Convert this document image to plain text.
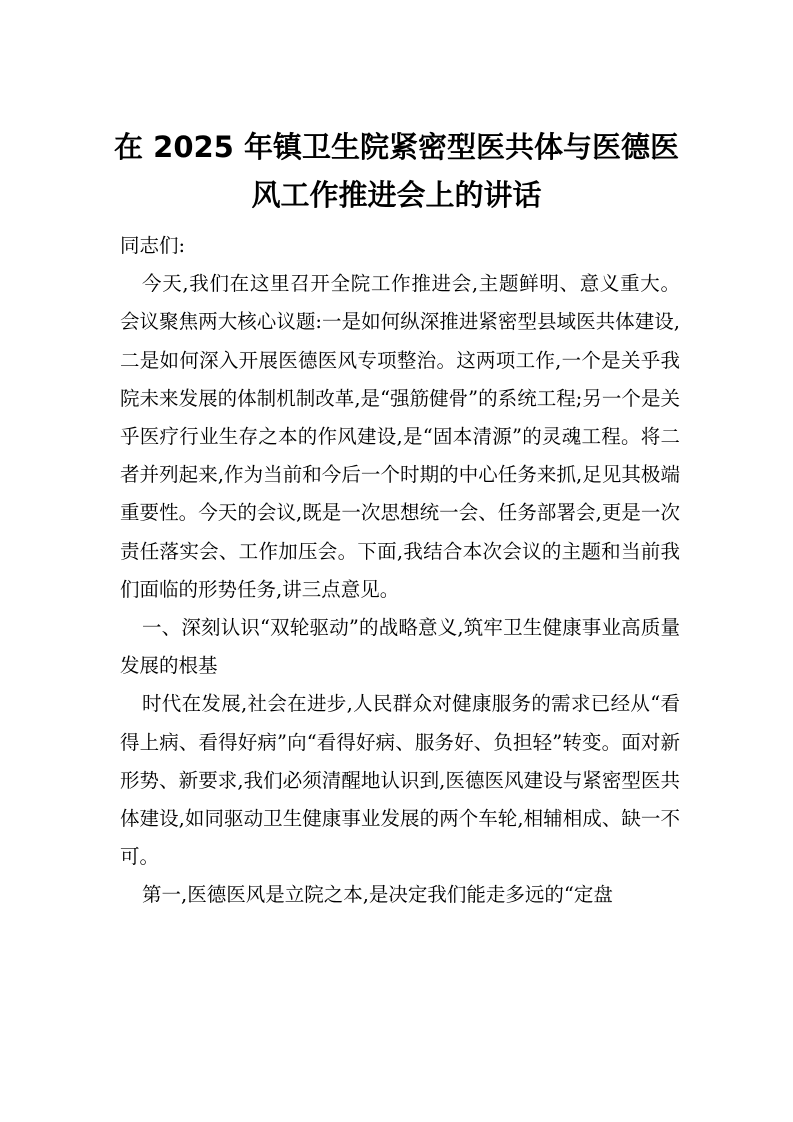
在 2025 年镇卫生院紧密型医共体与医德医
风工作推进会上的讲话

同志们:

今天,我们在这里召开全院工作推进会,主题鲜明、意义重大。会议聚焦两大核心议题:一是如何纵深推进紧密型县域医共体建设,二是如何深入开展医德医风专项整治。这两项工作,一个是关乎我院未来发展的体制机制改革,是“强筋健骨”的系统工程;另一个是关乎医疗行业生存之本的作风建设,是“固本清源”的灵魂工程。将二者并列起来,作为当前和今后一个时期的中心任务来抓,足见其极端重要性。今天的会议,既是一次思想统一会、任务部署会,更是一次责任落实会、工作加压会。下面,我结合本次会议的主题和当前我们面临的形势任务,讲三点意见。

一、深刻认识“双轮驱动”的战略意义,筑牢卫生健康事业高质量发展的根基

时代在发展,社会在进步,人民群众对健康服务的需求已经从“看得上病、看得好病”向“看得好病、服务好、负担轻”转变。面对新形势、新要求,我们必须清醒地认识到,医德医风建设与紧密型医共体建设,如同驱动卫生健康事业发展的两个车轮,相辅相成、缺一不可。

第一,医德医风是立院之本,是决定我们能走多远的“定盘
